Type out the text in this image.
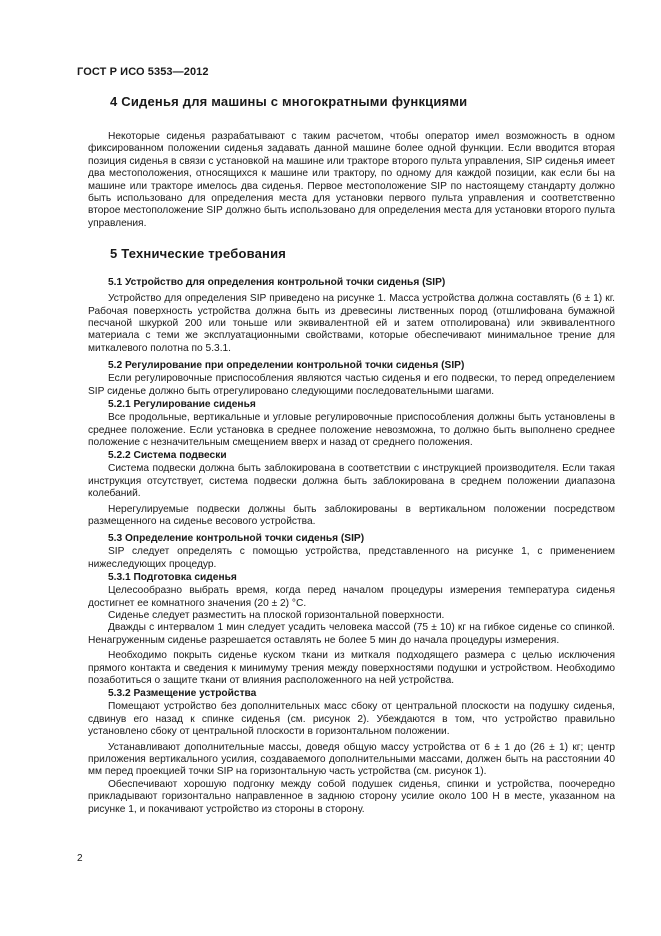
ГОСТ Р ИСО 5353—2012
4 Сиденья для машины с многократными функциями

Некоторые сиденья разрабатывают с таким расчетом, чтобы оператор имел возможность в одном фиксированном положении сиденья задавать данной машине более одной функции. Если вводится вторая позиция сиденья в связи с установкой на машине или тракторе второго пульта управления, SIP сиденья имеет два местоположения, относящихся к машине или трактору, по одному для каждой позиции, как если бы на машине или тракторе имелось два сиденья. Первое местоположение SIP по настоящему стандарту должно быть использовано для определения места для установки первого пульта управления и соответственно второе местоположение SIP должно быть использовано для определения места для установки второго пульта управления.

5 Технические требования
5.1 Устройство для определения контрольной точки сиденья (SIP)

Устройство для определения SIP приведено на рисунке 1. Масса устройства должна составлять (6 ± 1) кг. Рабочая поверхность устройства должна быть из древесины лиственных пород (отшлифована бумажной песчаной шкуркой 200 или тоньше или эквивалентной ей и затем отполирована) или эквивалентного материала с теми же эксплуатационными свойствами, которые обеспечивают минимальное трение для миткалевого полотна по 5.3.1.

5.2 Регулирование при определении контрольной точки сиденья (SIP)

Если регулировочные приспособления являются частью сиденья и его подвески, то перед определением SIP сиденье должно быть отрегулировано следующими последовательными шагами.

5.2.1 Регулирование сиденья

Все продольные, вертикальные и угловые регулировочные приспособления должны быть установлены в среднее положение. Если установка в среднее положение невозможна, то должно быть выполнено среднее положение с незначительным смещением вверх и назад от среднего положения.

5.2.2 Система подвески

Система подвески должна быть заблокирована в соответствии с инструкцией производителя. Если такая инструкция отсутствует, система подвески должна быть заблокирована в среднем положении диапазона колебаний.

Нерегулируемые подвески должны быть заблокированы в вертикальном положении посредством размещенного на сиденье весового устройства.

5.3 Определение контрольной точки сиденья (SIP)

SIP следует определять с помощью устройства, представленного на рисунке 1, с применением нижеследующих процедур.

5.3.1 Подготовка сиденья

Целесообразно выбрать время, когда перед началом процедуры измерения температура сиденья достигнет ее комнатного значения (20 ± 2) °C.

Сиденье следует разместить на плоской горизонтальной поверхности.

Дважды с интервалом 1 мин следует усадить человека массой (75 ± 10) кг на гибкое сиденье со спинкой. Ненагруженным сиденье разрешается оставлять не более 5 мин до начала процедуры измерения.

Необходимо покрыть сиденье куском ткани из миткаля подходящего размера с целью исключения прямого контакта и сведения к минимуму трения между поверхностями подушки и устройством. Необходимо позаботиться о защите ткани от влияния расположенного на ней устройства.

5.3.2 Размещение устройства

Помещают устройство без дополнительных масс сбоку от центральной плоскости на подушку сиденья, сдвинув его назад к спинке сиденья (см. рисунок 2). Убеждаются в том, что устройство правильно установлено сбоку от центральной плоскости в горизонтальном положении.

Устанавливают дополнительные массы, доведя общую массу устройства от 6 ± 1 до (26 ± 1) кг; центр приложения вертикального усилия, создаваемого дополнительными массами, должен быть на расстоянии 40 мм перед проекцией точки SIP на горизонтальную часть устройства (см. рисунок 1).

Обеспечивают хорошую подгонку между собой подушек сиденья, спинки и устройства, поочередно прикладывают горизонтально направленное в заднюю сторону усилие около 100 Н в месте, указанном на рисунке 1, и покачивают устройство из стороны в сторону.

2
